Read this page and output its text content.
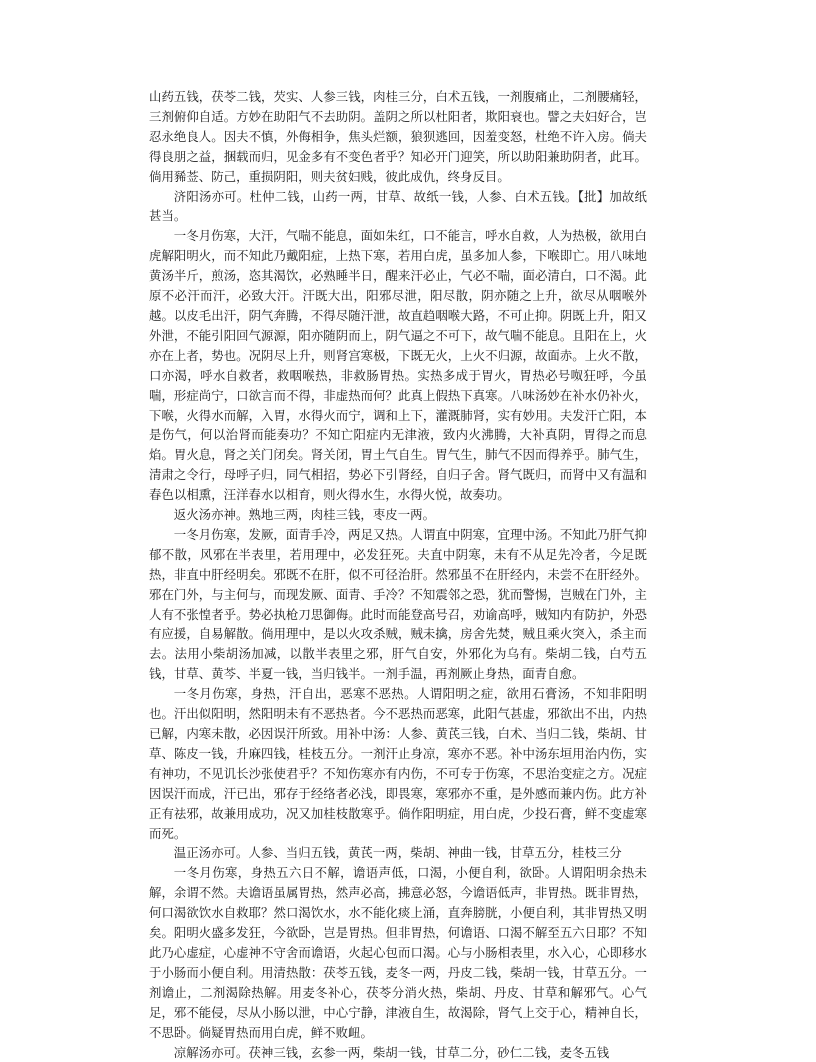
山药五钱，茯苓二钱，芡实、人参三钱，肉桂三分，白术五钱，一剂腹痛止，二剂腰痛轻，三剂俯仰自适。方妙在助阳气不去助阴。盖阴之所以杜阳者，欺阳衰也。譬之夫妇好合，岂忍永绝良人。因夫不慎，外侮相争，焦头烂额，狼狈逃回，因羞变怒，杜绝不许入房。倘夫得良朋之益，捆载而归，见金多有不变色者乎？知必开门迎笑，所以助阳兼助阴者，此耳。倘用豨莶、防己，重损阴阳，则夫贫妇贱，彼此成仇，终身反目。

济阳汤亦可。杜仲二钱，山药一两，甘草、故纸一钱，人参、白术五钱。【批】加故纸甚当。

一冬月伤寒，大汗，气喘不能息，面如朱红，口不能言，呼水自救，人为热极，欲用白虎解阳明火，而不知此乃戴阳症，上热下寒，若用白虎，虽多加人参，下喉即亡。用八味地黄汤半斤，煎汤，恣其渴饮，必熟睡半日，醒来汗必止，气必不喘，面必清白，口不渴。此原不必汗而汗，必致大汗。汗既大出，阳邪尽泄，阳尽散，阴亦随之上升，欲尽从咽喉外越。以皮毛出汗，阴气奔腾，不得尽随汗泄，故直趋咽喉大路，不可止抑。阴既上升，阳又外泄，不能引阳回气源源，阳亦随阴而上，阴气逼之不可下，故气喘不能息。且阳在上，火亦在上者，势也。况阴尽上升，则肾宫寒极，下既无火，上火不归源，故面赤。上火不散，口亦渴，呼水自救者，救咽喉热，非救肠胃热。实热多成于胃火，胃热必号呶狂呼，今虽喘，形症尚宁，口欲言而不得，非虚热而何？此真上假热下真寒。八味汤妙在补水仍补火，下喉，火得水而解，入胃，水得火而宁，调和上下，灌溉肺肾，实有妙用。夫发汗亡阳，本是伤气，何以治肾而能奏功？不知亡阳症内无津液，致内火沸腾，大补真阴，胃得之而息焰。胃火息，肾之关门闭矣。肾关闭，胃土气自生。胃气生，肺气不因而得养乎。肺气生，清肃之令行，母呼子归，同气相招，势必下引肾经，自归子舍。肾气既归，而肾中又有温和春色以相熏，汪洋春水以相育，则火得水生，水得火悦，故奏功。

返火汤亦神。熟地三两，肉桂三钱，枣皮一两。

一冬月伤寒，发厥，面青手冷，两足又热。人谓直中阴寒，宜理中汤。不知此乃肝气抑郁不散，风邪在半表里，若用理中，必发狂死。夫直中阴寒，未有不从足先冷者，今足既热，非直中肝经明矣。邪既不在肝，似不可径治肝。然邪虽不在肝经内，未尝不在肝经外。邪在门外，与主何与，而现发厥、面青、手冷？不知震邻之恐，犹而警惕，岂贼在门外，主人有不张惶者乎。势必执枪刀思御侮。此时而能登高号召，劝谕高呼，贼知内有防护，外恐有应援，自易解散。倘用理中，是以火攻杀贼，贼未擒，房舍先焚，贼且乘火突入，杀主而去。法用小柴胡汤加减，以散半表里之邪，肝气自安，外邪化为乌有。柴胡二钱，白芍五钱，甘草、黄芩、半夏一钱，当归钱半。一剂手温，再剂厥止身热，面青自愈。

一冬月伤寒，身热，汗自出，恶寒不恶热。人谓阳明之症，欲用石膏汤，不知非阳明也。汗出似阳明，然阳明未有不恶热者。今不恶热而恶寒，此阳气甚虚，邪欲出不出，内热已解，内寒未散，必因误汗所致。用补中汤：人参、黄芪三钱，白术、当归二钱，柴胡、甘草、陈皮一钱，升麻四钱，桂枝五分。一剂汗止身凉，寒亦不恶。补中汤东垣用治内伤，实有神功，不见讥长沙张使君乎？不知伤寒亦有内伤，不可专于伤寒，不思治变症之方。况症因误汗而成，汗已出，邪存于经络者必浅，即畏寒，寒邪亦不重，是外感而兼内伤。此方补正有祛邪，故兼用成功，况又加桂枝散寒乎。倘作阳明症，用白虎，少投石膏，鲜不变虚寒而死。

温正汤亦可。人参、当归五钱，黄芪一两，柴胡、神曲一钱，甘草五分，桂枝三分

一冬月伤寒，身热五六日不解，谵语声低，口渴，小便自利，欲卧。人谓阳明余热未解，余谓不然。夫谵语虽属胃热，然声必高，拂意必怒，今谵语低声，非胃热。既非胃热，何口渴欲饮水自救耶？然口渴饮水，水不能化痰上涌，直奔膀胱，小便自利，其非胃热又明矣。阳明火盛多发狂，今欲卧，岂是胃热。但非胃热，何谵语、口渴不解至五六日耶？不知此乃心虚症，心虚神不守舍而谵语，火起心包而口渴。心与小肠相表里，水入心，心即移水于小肠而小便自利。用清热散：茯苓五钱，麦冬一两，丹皮二钱，柴胡一钱，甘草五分。一剂谵止，二剂渴除热解。用麦冬补心，茯苓分消火热，柴胡、丹皮、甘草和解邪气。心气足，邪不能侵，尽从小肠以泄，中心宁静，津液自生，故渴除，肾气上交于心，精神自长，不思卧。倘疑胃热而用白虎，鲜不败衄。

凉解汤亦可。茯神三钱，玄参一两，柴胡一钱，甘草二分，砂仁二钱，麦冬五钱
